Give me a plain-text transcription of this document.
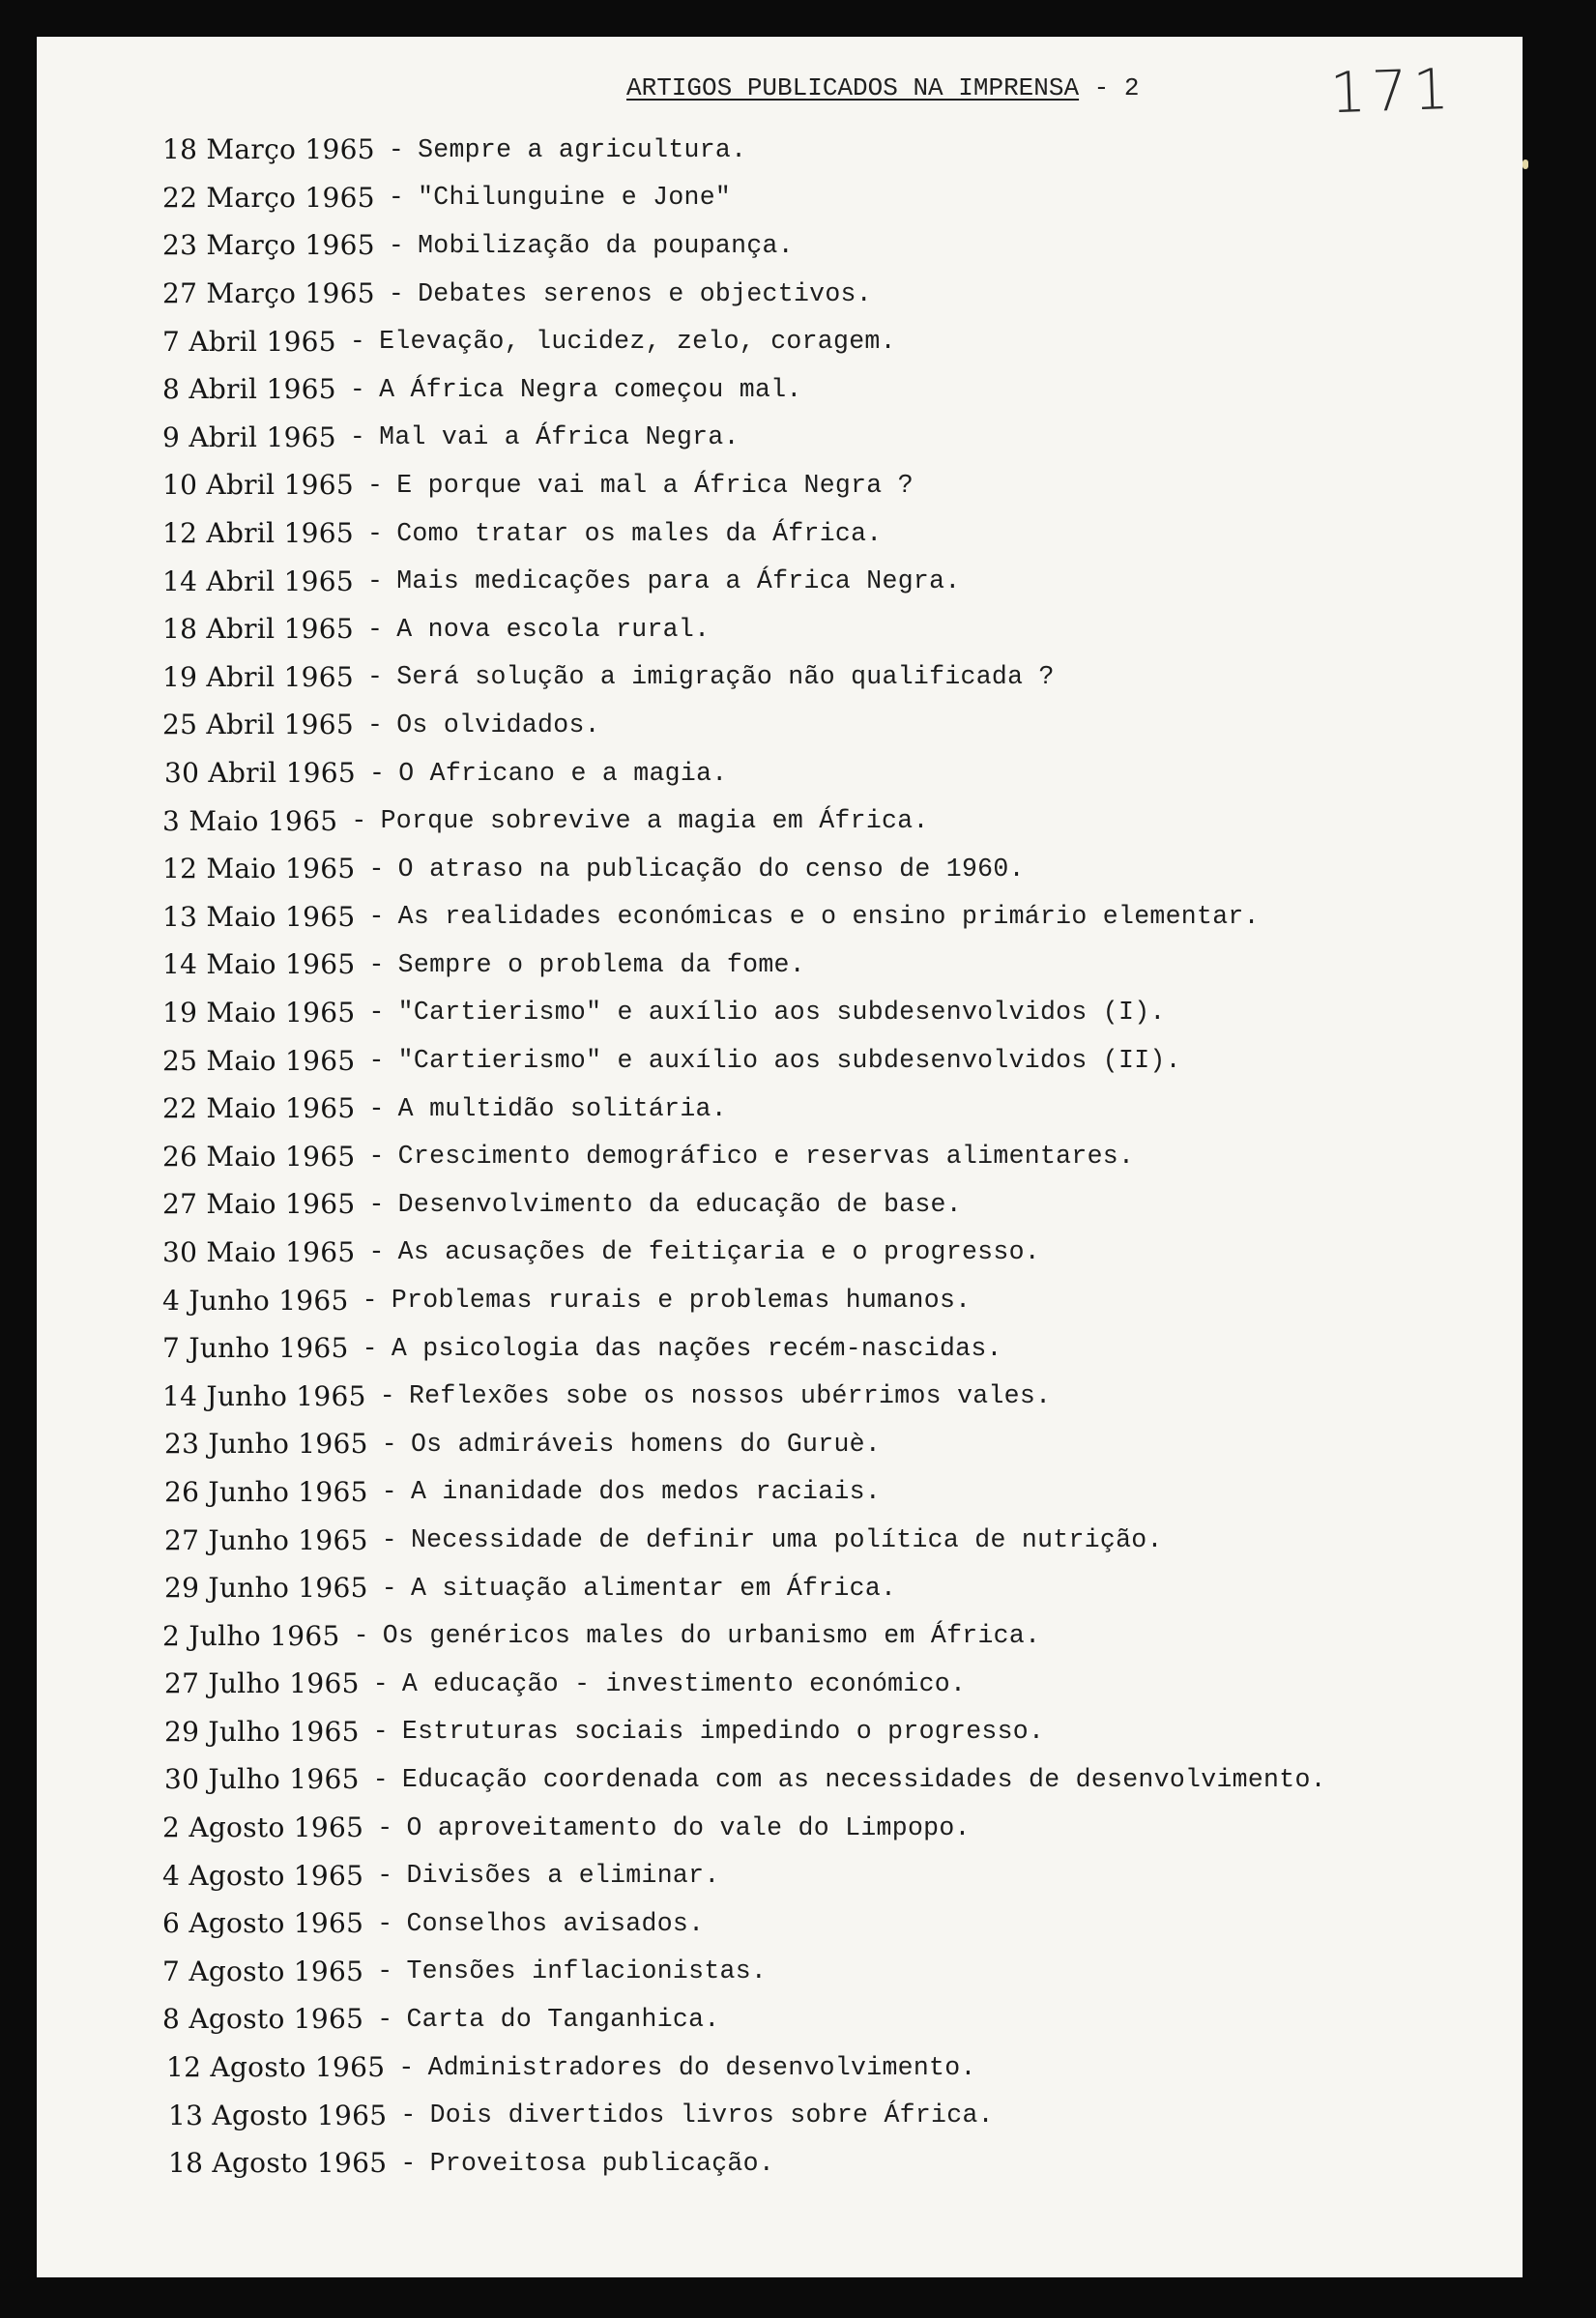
ARTIGOS PUBLICADOS NA IMPRENSA - 2	171
18 Março 1965 - Sempre a agricultura.
22 Março 1965 - "Chilunguine e Jone"
23 Março 1965 - Mobilização da poupança.
27 Março 1965 - Debates serenos e objectivos.
7 Abril 1965 - Elevação, lucidez, zelo, coragem.
8 Abril 1965 - A África Negra começou mal.
9 Abril 1965 - Mal vai a África Negra.
10 Abril 1965 - E porque vai mal a África Negra ?
12 Abril 1965 - Como tratar os males da África.
14 Abril 1965 - Mais medicações para a África Negra.
18 Abril 1965 - A nova escola rural.
19 Abril 1965 - Será solução a imigração não qualificada ?
25 Abril 1965 - Os olvidados.
30 Abril 1965 - O Africano e a magia.
3 Maio 1965 - Porque sobrevive a magia em África.
12 Maio 1965 - O atraso na publicação do censo de 1960.
13 Maio 1965 - As realidades económicas e o ensino primário elementar.
14 Maio 1965 - Sempre o problema da fome.
19 Maio 1965 - "Cartierismo" e auxílio aos subdesenvolvidos (I).
25 Maio 1965 - "Cartierismo" e auxílio aos subdesenvolvidos (II).
22 Maio 1965 - A multidão solitária.
26 Maio 1965 - Crescimento demográfico e reservas alimentares.
27 Maio 1965 - Desenvolvimento da educação de base.
30 Maio 1965 - As acusações de feitiçaria e o progresso.
4 Junho 1965 - Problemas rurais e problemas humanos.
7 Junho 1965 - A psicologia das nações recém-nascidas.
14 Junho 1965 - Reflexões sobe os nossos ubérrimos vales.
23 Junho 1965 - Os admiráveis homens do Guruè.
26 Junho 1965 - A inanidade dos medos raciais.
27 Junho 1965 - Necessidade de definir uma política de nutrição.
29 Junho 1965 - A situação alimentar em África.
2 Julho 1965 - Os genéricos males do urbanismo em África.
27 Julho 1965 - A educação - investimento económico.
29 Julho 1965 - Estruturas sociais impedindo o progresso.
30 Julho 1965 - Educação coordenada com as necessidades de desenvolvimento.
2 Agosto 1965 - O aproveitamento do vale do Limpopo.
4 Agosto 1965 - Divisões a eliminar.
6 Agosto 1965 - Conselhos avisados.
7 Agosto 1965 - Tensões inflacionistas.
8 Agosto 1965 - Carta do Tanganhica.
12 Agosto 1965 - Administradores do desenvolvimento.
13 Agosto 1965 - Dois divertidos livros sobre África.
18 Agosto 1965 - Proveitosa publicação.
